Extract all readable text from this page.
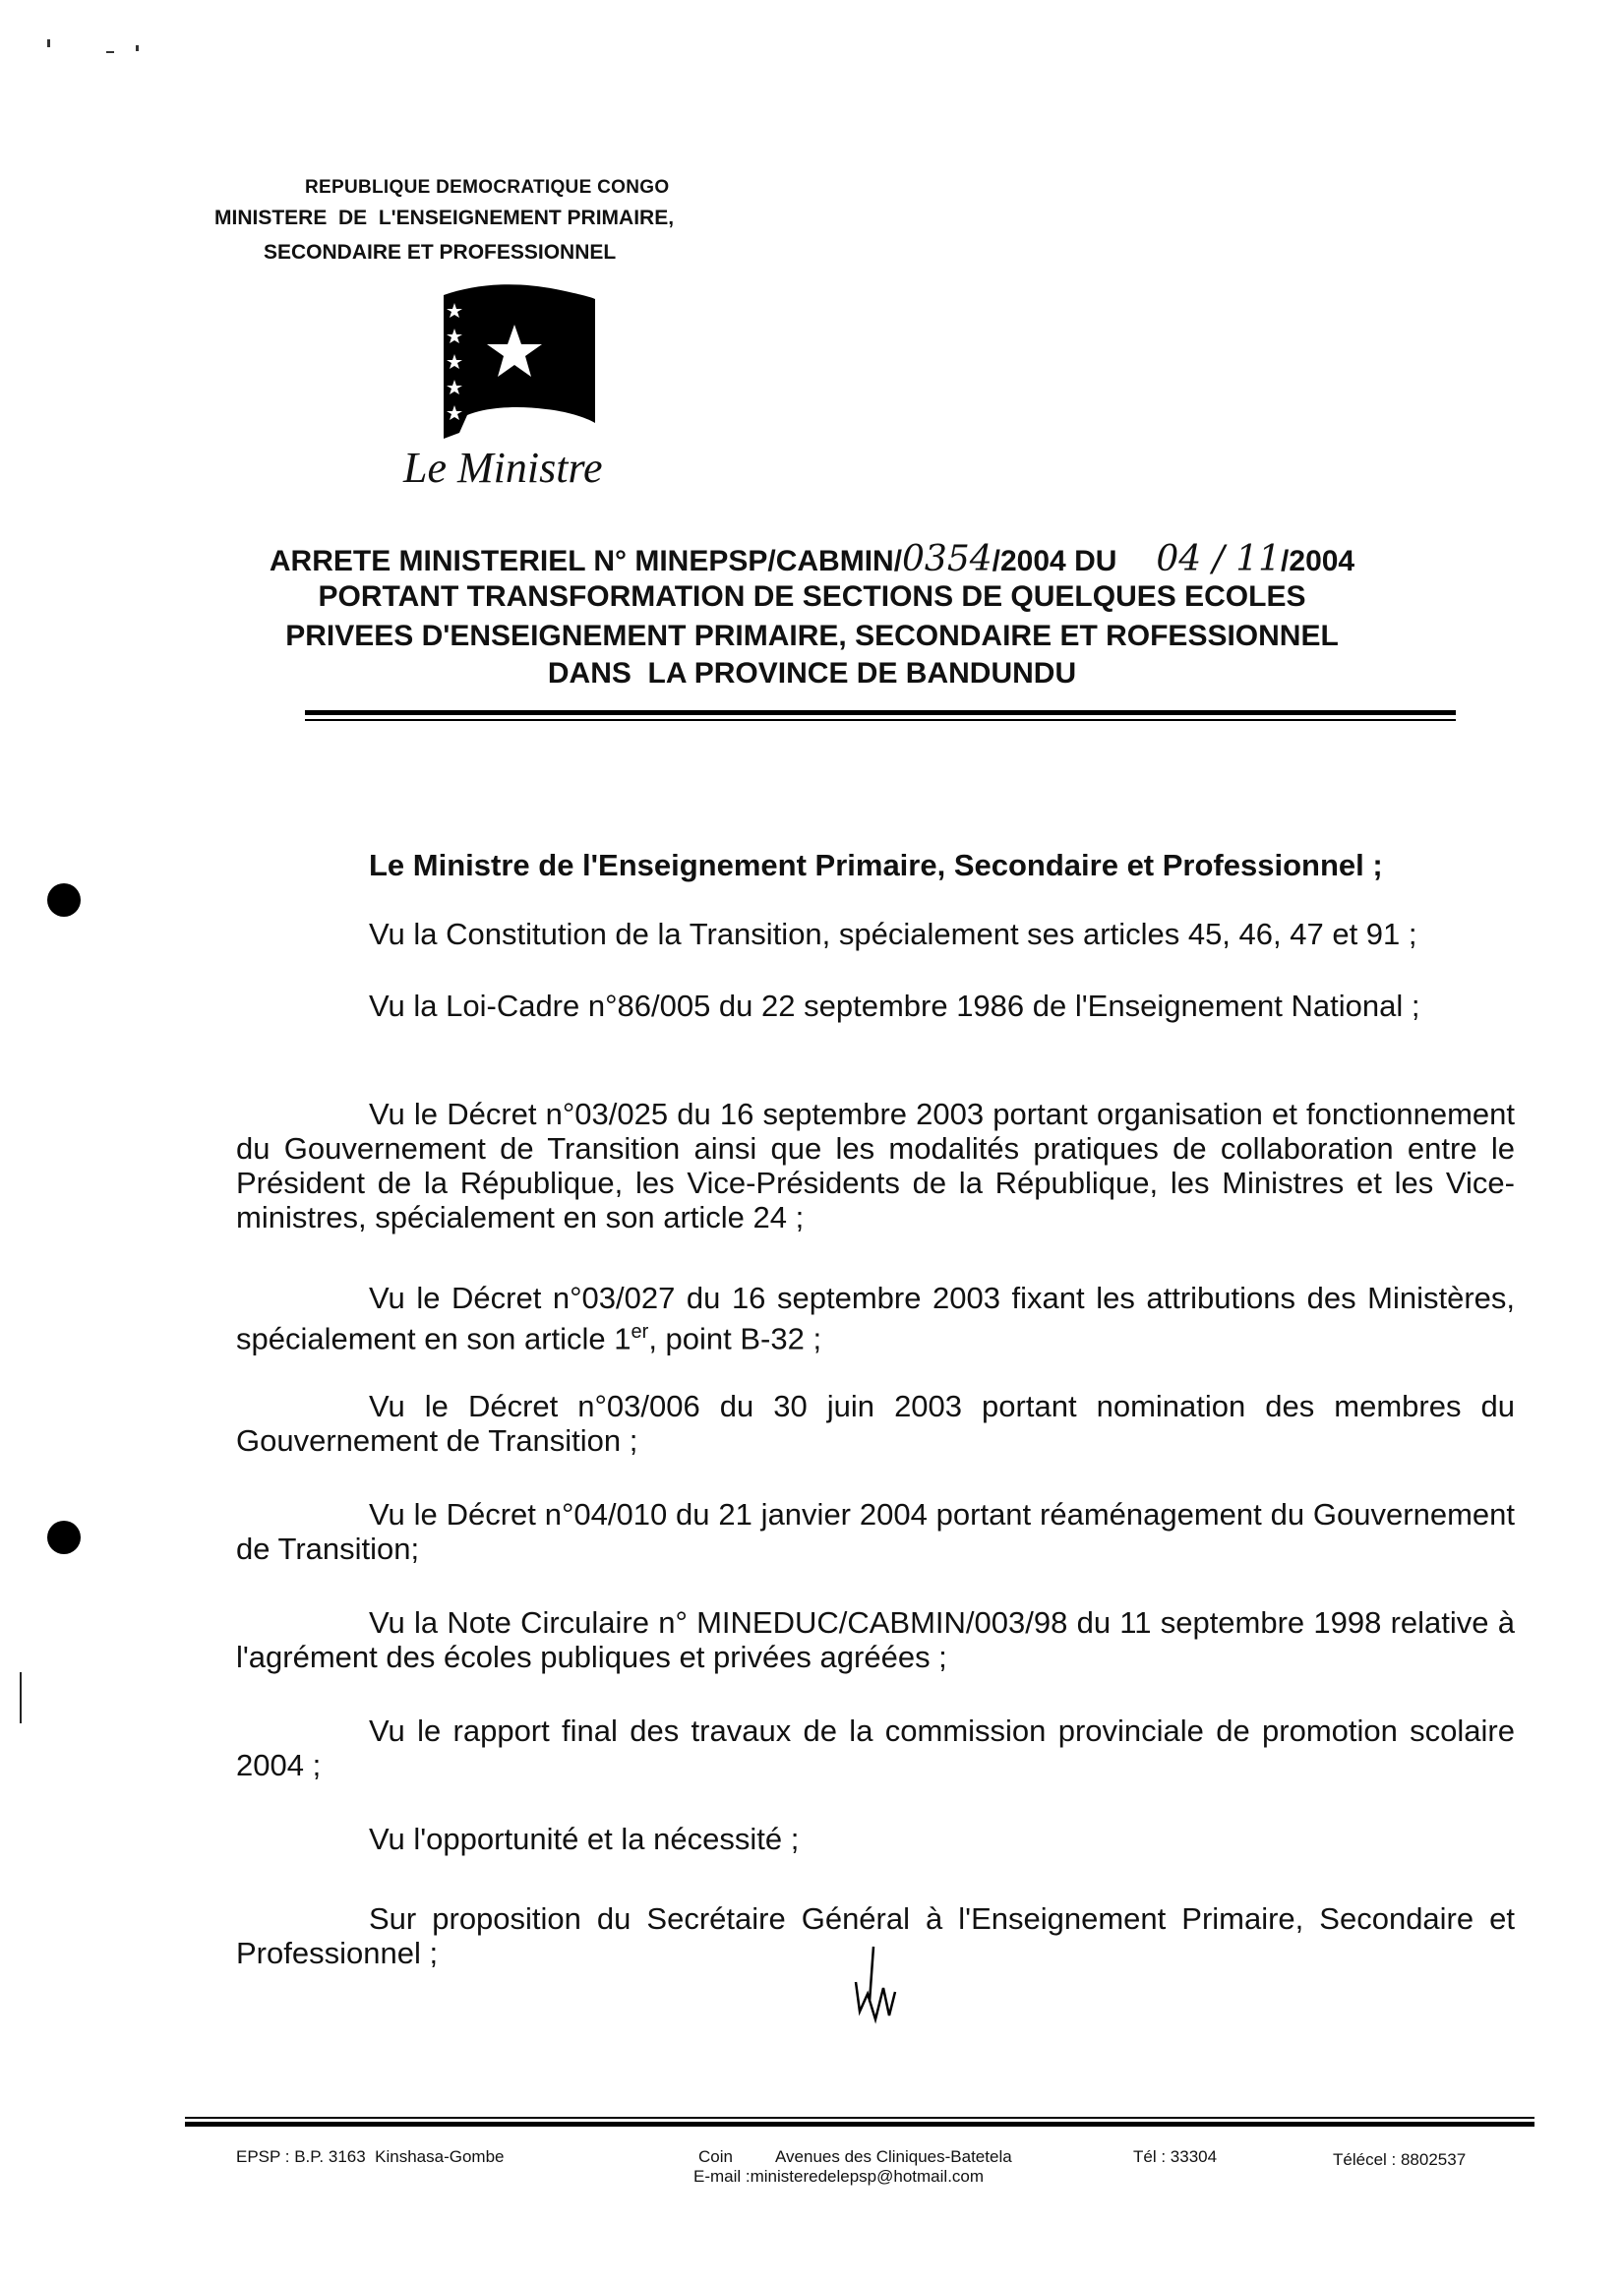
REPUBLIQUE DEMOCRATIQUE CONGO
MINISTERE  DE  L'ENSEIGNEMENT PRIMAIRE,
SECONDAIRE ET PROFESSIONNEL
Le Ministre
ARRETE MINISTERIEL N° MINEPSP/CABMIN/0354/2004 DU 04 / 11/2004
PORTANT TRANSFORMATION DE SECTIONS DE QUELQUES ECOLES
PRIVEES D'ENSEIGNEMENT PRIMAIRE, SECONDAIRE ET ROFESSIONNEL
DANS  LA PROVINCE DE BANDUNDU
Le Ministre de l'Enseignement Primaire, Secondaire et Professionnel ;
Vu la Constitution de la Transition, spécialement ses articles 45, 46, 47 et 91 ;
Vu la Loi-Cadre n°86/005 du 22 septembre 1986 de l'Enseignement National ;
Vu le Décret n°03/025 du 16 septembre 2003 portant organisation et fonctionnement du Gouvernement de Transition ainsi que les modalités pratiques de collaboration entre le Président de la République, les Vice-Présidents de la République, les Ministres et les Vice-ministres, spécialement en son article 24 ;
Vu le Décret n°03/027 du 16 septembre 2003 fixant les attributions des Ministères, spécialement en son article 1er, point B-32 ;
Vu le Décret n°03/006 du 30 juin 2003 portant nomination des membres du Gouvernement de Transition ;
Vu le Décret n°04/010 du 21 janvier 2004 portant réaménagement du Gouvernement de Transition;
Vu la Note Circulaire n° MINEDUC/CABMIN/003/98 du 11 septembre 1998 relative à l'agrément des écoles publiques et privées agréées ;
Vu le rapport final des travaux de la commission provinciale de promotion scolaire 2004 ;
Vu l'opportunité et la nécessité ;
Sur proposition du Secrétaire Général à l'Enseignement Primaire, Secondaire et Professionnel ;
EPSP : B.P. 3163  Kinshasa-Gombe	Coin	Avenues des Cliniques-Batetela
E-mail :ministeredelepsp@hotmail.com
Tél : 33304	Télécel : 8802537
